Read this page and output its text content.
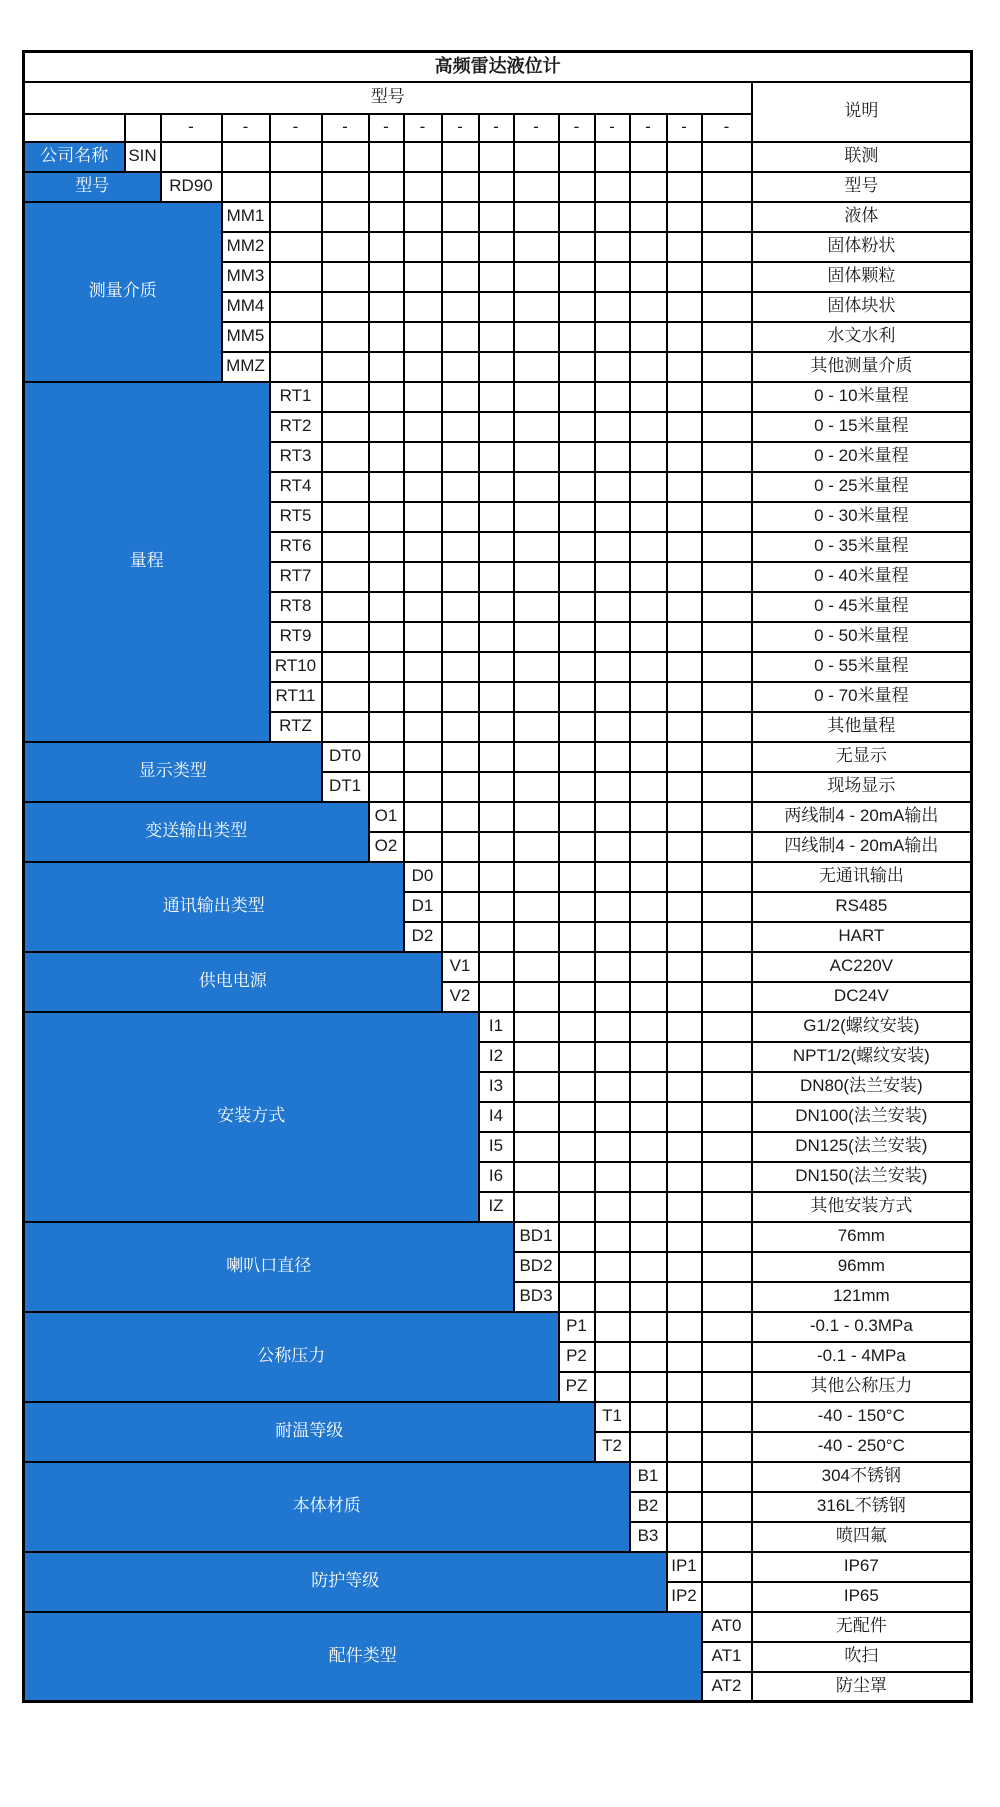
高频雷达液位计																
型号																说明
		-	-	-	-	-	-	-	-	-	-	-	-	-	-	
公司名称	SIN															联测
型号		RD90														型号
测量介质			MM1													液体
			MM2													固体粉状
			MM3													固体颗粒
			MM4													固体块状
			MM5													水文水利
			MMZ													其他测量介质
量程				RT1												0 - 10米量程
				RT2												0 - 15米量程
				RT3												0 - 20米量程
				RT4												0 - 25米量程
				RT5												0 - 30米量程
				RT6												0 - 35米量程
				RT7												0 - 40米量程
				RT8												0 - 45米量程
				RT9												0 - 50米量程
				RT10												0 - 55米量程
				RT11												0 - 70米量程
				RTZ												其他量程
显示类型					DT0											无显示
					DT1											现场显示
变送输出类型						O1										两线制4 - 20mA输出
						O2										四线制4 - 20mA输出
通讯输出类型							D0									无通讯输出
							D1									RS485
							D2									HART
供电电源								V1								AC220V
								V2								DC24V
安装方式									I1							G1/2(螺纹安装)
									I2							NPT1/2(螺纹安装)
									I3							DN80(法兰安装)
									I4							DN100(法兰安装)
									I5							DN125(法兰安装)
									I6							DN150(法兰安装)
									IZ							其他安装方式
喇叭口直径										BD1						76mm
										BD2						96mm
										BD3						121mm
公称压力											P1					-0.1 - 0.3MPa
											P2					-0.1 - 4MPa
											PZ					其他公称压力
耐温等级												T1				-40 - 150°C
												T2				-40 - 250°C
本体材质													B1			304不锈钢
													B2			316L不锈钢
													B3			喷四氟
防护等级														IP1		IP67
														IP2		IP65
配件类型															AT0	无配件
															AT1	吹扫
															AT2	防尘罩
